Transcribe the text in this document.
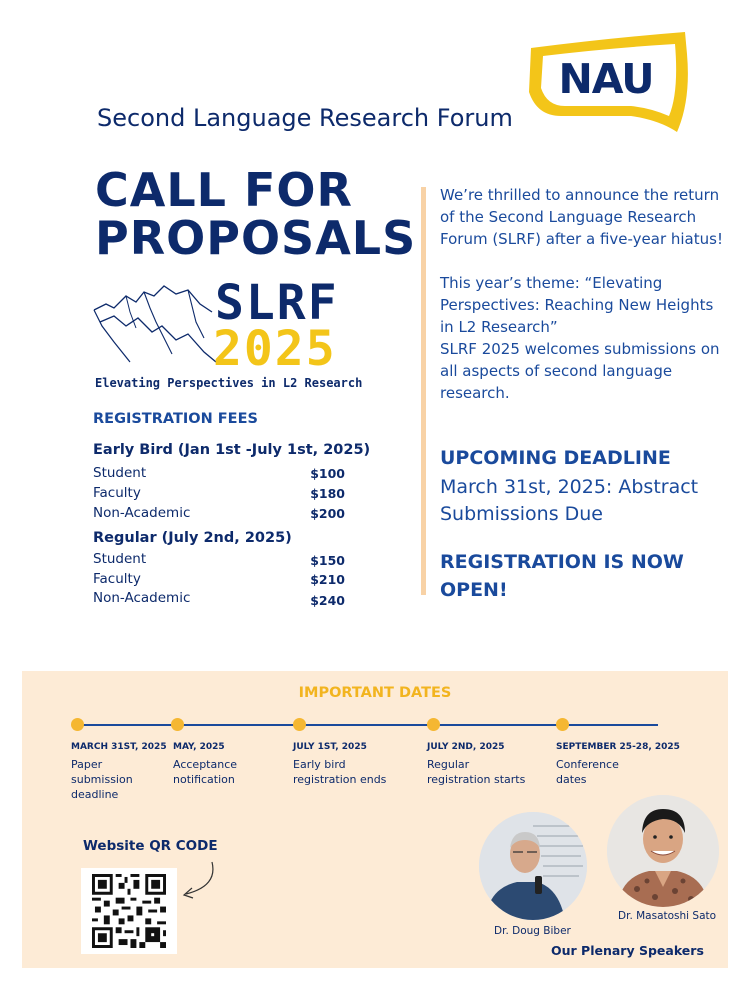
NAU
Second Language Research Forum
CALL FOR
PROPOSALS
SLRF
2025
Elevating Perspectives in L2 Research
REGISTRATION FEES
Early Bird (Jan 1st -July 1st, 2025)
Student	$100
Faculty	$180
Non-Academic	$200
Regular (July 2nd, 2025)
Student	$150
Faculty	$210
Non-Academic	$240

We’re thrilled to announce the return of the Second Language Research Forum (SLRF) after a five-year hiatus!

This year’s theme: “Elevating Perspectives: Reaching New Heights in L2 Research”
SLRF 2025 welcomes submissions on all aspects of second language research.
UPCOMING DEADLINE
March 31st, 2025: Abstract Submissions Due
REGISTRATION IS NOW OPEN!
IMPORTANT DATES
MARCH 31ST, 2025
Paper submission deadline
MAY, 2025
Acceptance notification
JULY 1ST, 2025
Early bird registration ends
JULY 2ND, 2025
Regular registration starts
SEPTEMBER 25-28, 2025
Conference dates
Website QR CODE
Dr. Doug Biber
Dr. Masatoshi Sato
Our Plenary Speakers
